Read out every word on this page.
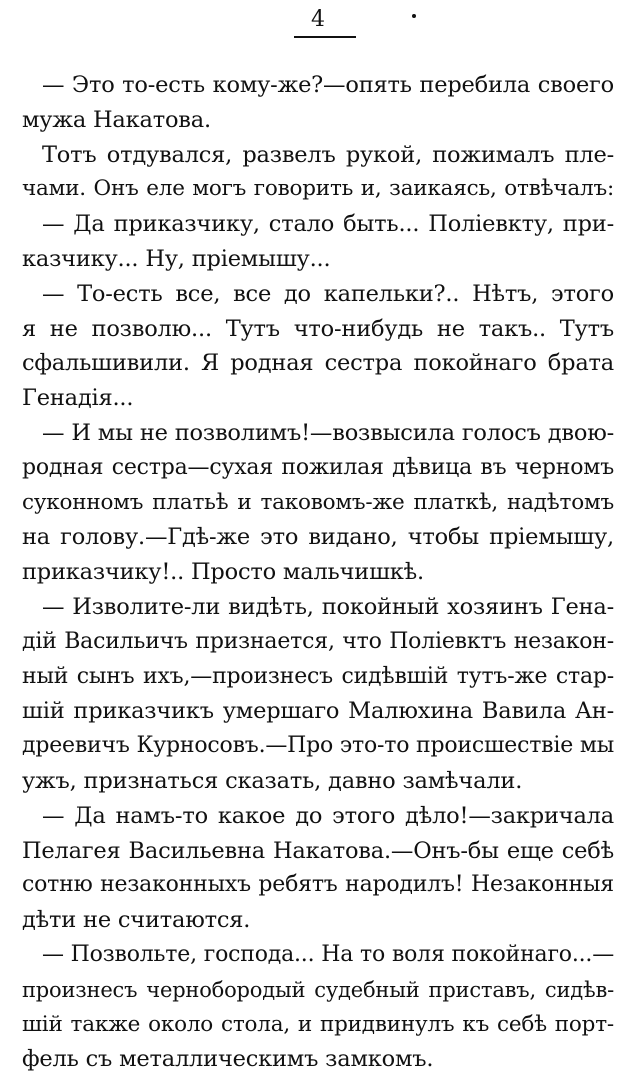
4
— Это то-есть кому-же?—опять перебила своего
мужа Накатова.
Тотъ отдувался, развелъ рукой, пожималъ пле-
чами. Онъ еле могъ говорить и, заикаясь, отвѣчалъ:
— Да приказчику, стало быть... Поліевкту, при-
казчику... Ну, пріемышу...
— То-есть все, все до капельки?.. Нѣтъ, этого
я не позволю... Тутъ что-нибудь не такъ.. Тутъ
сфальшивили. Я родная сестра покойнаго брата
Генадія...
— И мы не позволимъ!—возвысила голосъ двою-
родная сестра—сухая пожилая дѣвица въ черномъ
суконномъ платьѣ и таковомъ-же платкѣ, надѣтомъ
на голову.—Гдѣ-же это видано, чтобы пріемышу,
приказчику!.. Просто мальчишкѣ.
— Изволите-ли видѣть, покойный хозяинъ Гена-
дій Васильичъ признается, что Поліевктъ незакон-
ный сынъ ихъ,—произнесъ сидѣвшій тутъ-же стар-
шій приказчикъ умершаго Малюхина Вавила Ан-
дреевичъ Курносовъ.—Про это-то происшествіе мы
ужъ, признаться сказать, давно замѣчали.
— Да намъ-то какое до этого дѣло!—закричала
Пелагея Васильевна Накатова.—Онъ-бы еще себѣ
сотню незаконныхъ ребятъ народилъ! Незаконныя
дѣти не считаются.
— Позвольте, господа... На то воля покойнаго...—
произнесъ чернобородый судебный приставъ, сидѣв-
шій также около стола, и придвинулъ къ себѣ порт-
фель съ металлическимъ замкомъ.
